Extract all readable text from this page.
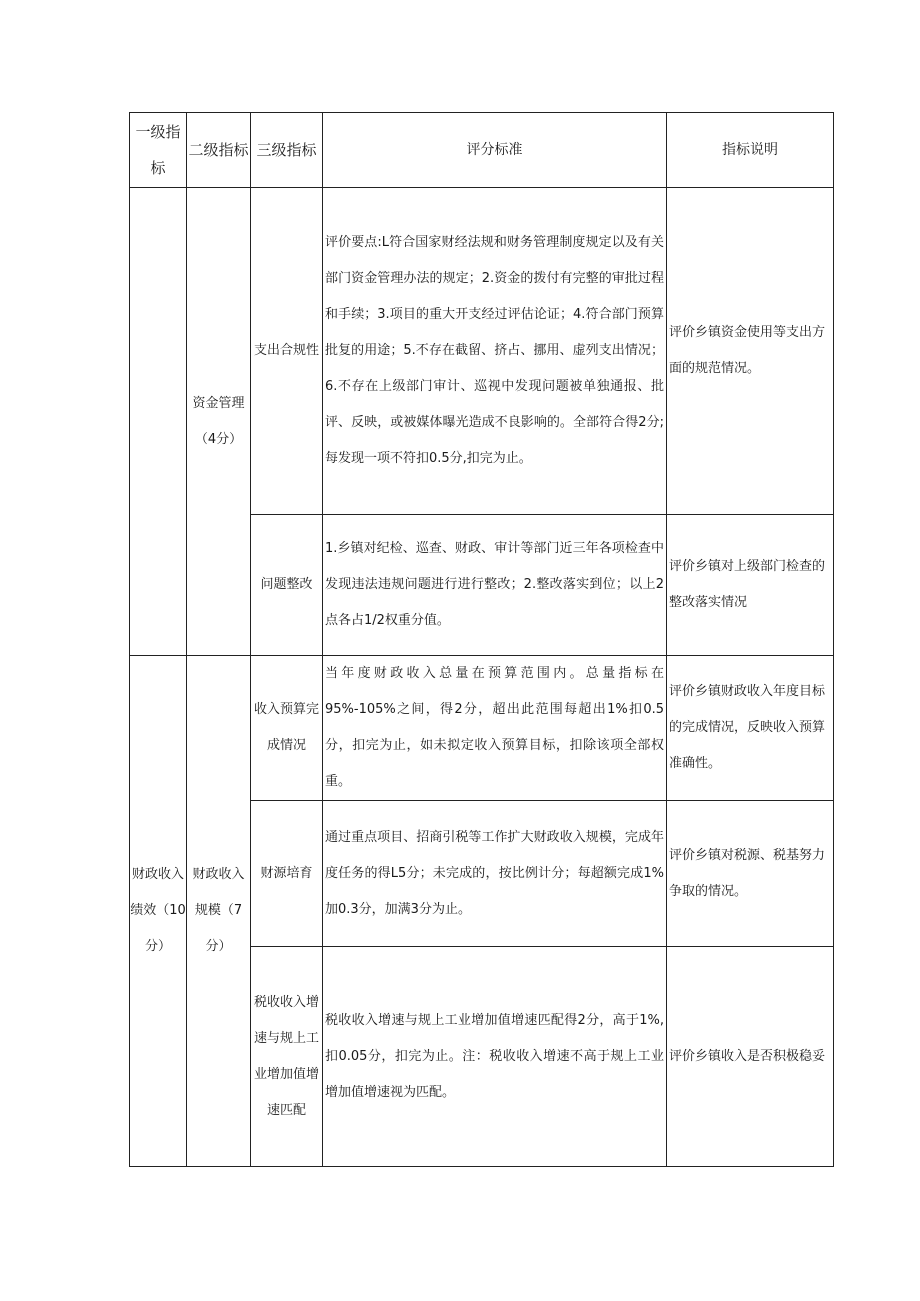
一级指标	二级指标	三级指标	评分标准	指标说明
	资金管理（4分）	支出合规性	评价要点:L符合国家财经法规和财务管理制度规定以及有关部门资金管理办法的规定；2.资金的拨付有完整的审批过程和手续；3.项目的重大开支经过评估论证；4.符合部门预算批复的用途；5.不存在截留、挤占、挪用、虚列支出情况；6.不存在上级部门审计、巡视中发现问题被单独通报、批评、反映，或被媒体曝光造成不良影响的。全部符合得2分;每发现一项不符扣0.5分,扣完为止。	评价乡镇资金使用等支出方面的规范情况。
		问题整改	1.乡镇对纪检、巡查、财政、审计等部门近三年各项检查中发现违法违规问题进行进行整改；2.整改落实到位；以上2点各占1/2权重分值。	评价乡镇对上级部门检查的整改落实情况
财政收入绩效（10分）	财政收入规模（7分）	收入预算完成情况	当年度财政收入总量在预算范围内。总量指标在95%-105%之间，得2分，超出此范围每超出1%扣0.5分，扣完为止，如未拟定收入预算目标，扣除该项全部权重。	评价乡镇财政收入年度目标的完成情况，反映收入预算准确性。
		财源培育	通过重点项目、招商引税等工作扩大财政收入规模，完成年度任务的得L5分；未完成的，按比例计分；每超额完成1%加0.3分，加满3分为止。	评价乡镇对税源、税基努力争取的情况。
		税收收入增速与规上工业增加值增速匹配	税收收入增速与规上工业增加值增速匹配得2分，高于1%,扣0.05分，扣完为止。注：税收收入增速不高于规上工业增加值增速视为匹配。	评价乡镇收入是否积极稳妥
